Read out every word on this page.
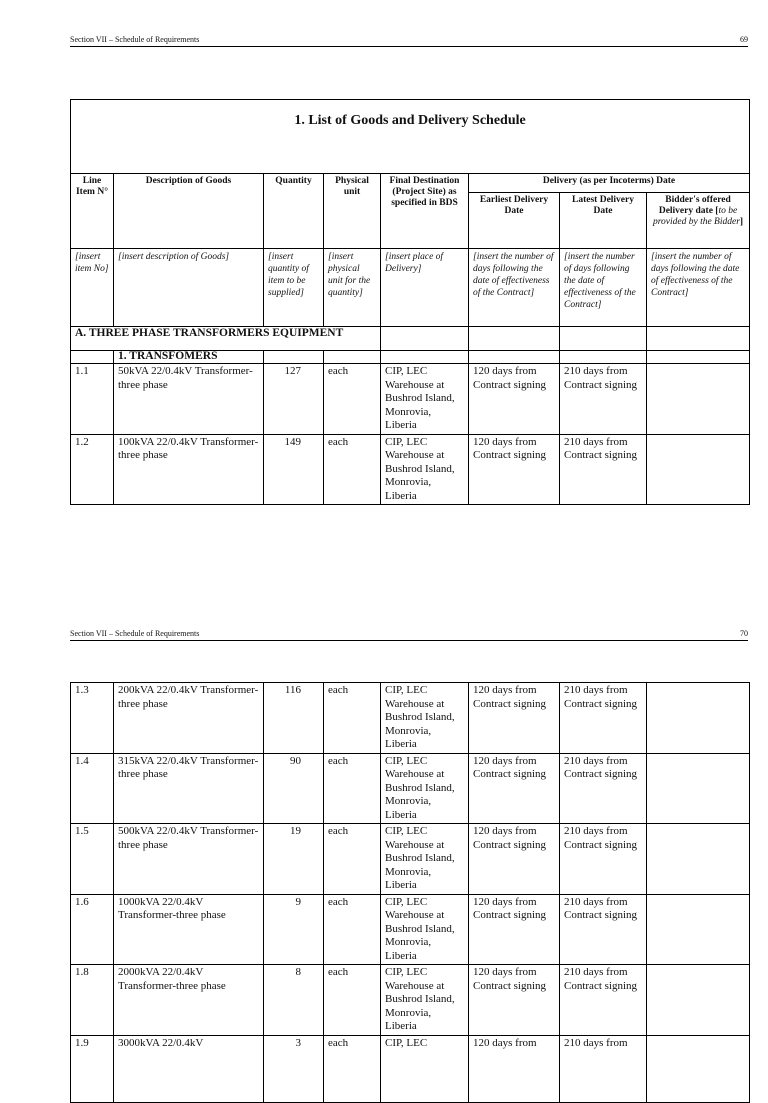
Section VII – Schedule of Requirements	69
1. List of Goods and Delivery Schedule							
Line Item N°	Description of Goods	Quantity	Physical unit	Final Destination (Project Site) as specified in BDS	Delivery (as per Incoterms) Date		
					Earliest Delivery Date	Latest Delivery Date	Bidder's offered Delivery date [to be provided by the Bidder]
[insert item No]	[insert description of Goods]	[insert quantity of item to be supplied]	[insert physical unit for the quantity]	[insert place of Delivery]	[insert the number of days following the date of effectiveness of the Contract]	[insert the number of days following the date of effectiveness of the Contract]	[insert the number of days following the date of effectiveness of the Contract]
A. THREE PHASE TRANSFORMERS EQUIPMENT							
	1. TRANSFOMERS						
1.1	50kVA 22/0.4kV Transformer-three phase	127	each	CIP, LEC Warehouse at Bushrod Island, Monrovia, Liberia	120 days from Contract signing	210 days from Contract signing	
1.2	100kVA 22/0.4kV Transformer-three phase	149	each	CIP, LEC Warehouse at Bushrod Island, Monrovia, Liberia	120 days from Contract signing	210 days from Contract signing	
Section VII – Schedule of Requirements	70
1.3	200kVA 22/0.4kV Transformer-three phase	116	each	CIP, LEC Warehouse at Bushrod Island, Monrovia, Liberia	120 days from Contract signing	210 days from Contract signing	
1.4	315kVA 22/0.4kV Transformer-three phase	90	each	CIP, LEC Warehouse at Bushrod Island, Monrovia, Liberia	120 days from Contract signing	210 days from Contract signing	
1.5	500kVA 22/0.4kV Transformer-three phase	19	each	CIP, LEC Warehouse at Bushrod Island, Monrovia, Liberia	120 days from Contract signing	210 days from Contract signing	
1.6	1000kVA 22/0.4kV Transformer-three phase	9	each	CIP, LEC Warehouse at Bushrod Island, Monrovia, Liberia	120 days from Contract signing	210 days from Contract signing	
1.8	2000kVA 22/0.4kV Transformer-three phase	8	each	CIP, LEC Warehouse at Bushrod Island, Monrovia, Liberia	120 days from Contract signing	210 days from Contract signing	
1.9	3000kVA 22/0.4kV	3	each	CIP, LEC	120 days from	210 days from	
